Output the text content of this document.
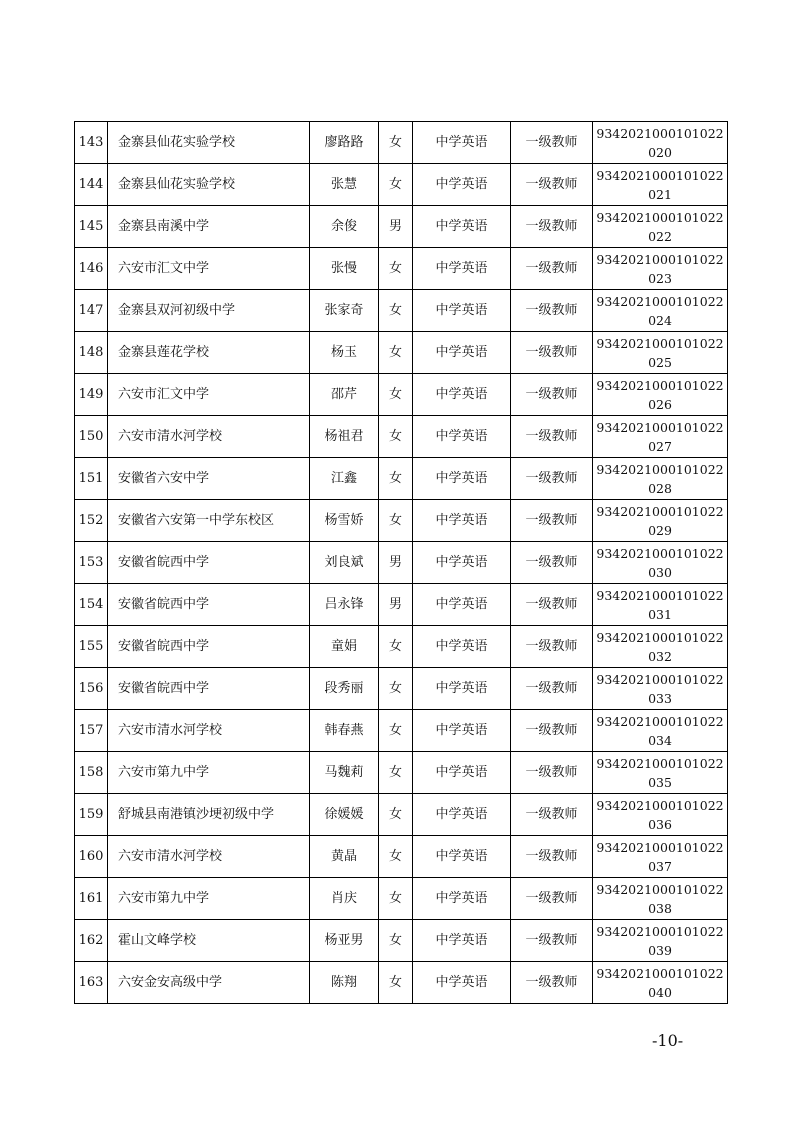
143	金寨县仙花实验学校	廖路路	女	中学英语	一级教师	9342021000101022020
144	金寨县仙花实验学校	张慧	女	中学英语	一级教师	9342021000101022021
145	金寨县南溪中学	余俊	男	中学英语	一级教师	9342021000101022022
146	六安市汇文中学	张慢	女	中学英语	一级教师	9342021000101022023
147	金寨县双河初级中学	张家奇	女	中学英语	一级教师	9342021000101022024
148	金寨县莲花学校	杨玉	女	中学英语	一级教师	9342021000101022025
149	六安市汇文中学	邵芹	女	中学英语	一级教师	9342021000101022026
150	六安市清水河学校	杨祖君	女	中学英语	一级教师	9342021000101022027
151	安徽省六安中学	江鑫	女	中学英语	一级教师	9342021000101022028
152	安徽省六安第一中学东校区	杨雪娇	女	中学英语	一级教师	9342021000101022029
153	安徽省皖西中学	刘良斌	男	中学英语	一级教师	9342021000101022030
154	安徽省皖西中学	吕永锋	男	中学英语	一级教师	9342021000101022031
155	安徽省皖西中学	童娟	女	中学英语	一级教师	9342021000101022032
156	安徽省皖西中学	段秀丽	女	中学英语	一级教师	9342021000101022033
157	六安市清水河学校	韩春燕	女	中学英语	一级教师	9342021000101022034
158	六安市第九中学	马魏莉	女	中学英语	一级教师	9342021000101022035
159	舒城县南港镇沙埂初级中学	徐媛媛	女	中学英语	一级教师	9342021000101022036
160	六安市清水河学校	黄晶	女	中学英语	一级教师	9342021000101022037
161	六安市第九中学	肖庆	女	中学英语	一级教师	9342021000101022038
162	霍山文峰学校	杨亚男	女	中学英语	一级教师	9342021000101022039
163	六安金安高级中学	陈翔	女	中学英语	一级教师	9342021000101022040
-10-
